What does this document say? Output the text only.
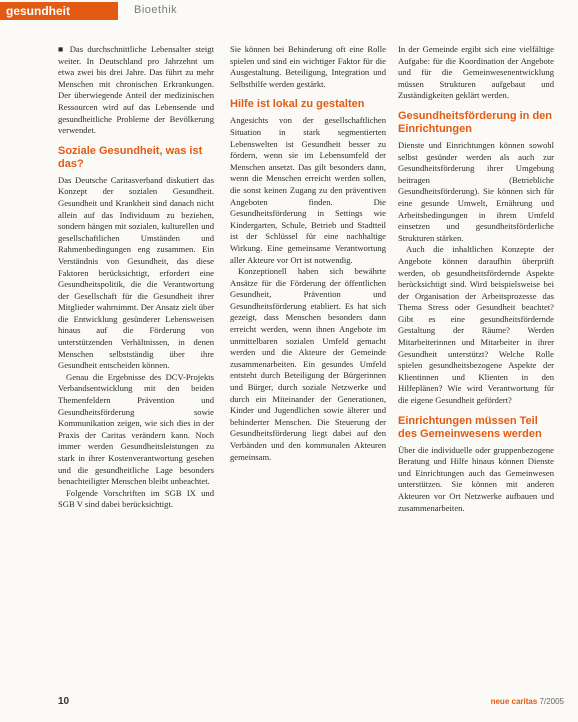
gesundheit	Bioethik

■ Das durchschnittliche Lebensalter steigt weiter. In Deutschland pro Jahrzehnt um etwa zwei bis drei Jahre. Das führt zu mehr Menschen mit chronischen Erkrankungen. Der überwiegende Anteil der medizinischen Ressourcen wird auf das Lebensende und gesundheitliche Probleme der Bevölkerung verwendet.

Soziale Gesundheit, was ist das?

Das Deutsche Caritasverband diskutiert das Konzept der sozialen Gesundheit. Gesundheit und Krankheit sind danach nicht allein auf das Individuum zu beziehen, sondern hängen mit sozialen, kulturellen und gesellschaftlichen Umständen und Rahmenbedingungen eng zusammen. Ein Verständnis von Gesundheit, das diese Faktoren berücksichtigt, erfordert eine Gesundheitspolitik, die die Verantwortung der Gesellschaft für die Gesundheit ihrer Mitglieder wahrnimmt. Der Ansatz zielt über die Entwicklung gesünderer Lebensweisen hinaus auf die Förderung von unterstützenden Verhältnissen, in denen Menschen selbstständig über ihre Gesundheit entscheiden können.

Genau die Ergebnisse des DCV-Projekts Verbandsentwicklung mit den beiden Themenfeldern Prävention und Gesundheitsförderung sowie Kommunikation zeigen, wie sich dies in der Praxis der Caritas verändern kann. Noch immer werden Gesundheitsleistungen zu stark in ihrer Kostenverantwortung gesehen und die gesundheitliche Lage besonders benachteiligter Menschen bleibt unbeachtet.

Folgende Vorschriften im SGB IX und SGB V sind dabei berücksichtigt.

Sie können bei Behinderung oft eine Rolle spielen und sind ein wichtiger Faktor für die Ausgestaltung. Beteiligung, Integration und Selbsthilfe werden gestärkt.

Hilfe ist lokal zu gestalten

Angesichts von der gesellschaftlichen Situation in stark segmentierten Lebenswelten ist Gesundheit besser zu fördern, wenn sie im Lebensumfeld der Menschen ansetzt. Das gilt besonders dann, wenn die Menschen erreicht werden sollen, die sonst keinen Zugang zu den präventiven Angeboten finden. Die Gesundheitsförderung in Settings wie Kindergarten, Schule, Betrieb und Stadtteil ist der Schlüssel für eine nachhaltige Wirkung. Eine gemeinsame Verantwortung aller Akteure vor Ort ist notwendig.

Konzeptionell haben sich bewährte Ansätze für die Förderung der öffentlichen Gesundheit, Prävention und Gesundheitsförderung etabliert. Es hat sich gezeigt, dass Menschen besonders dann erreicht werden, wenn ihnen Angebote im unmittelbaren sozialen Umfeld gemacht werden und die Akteure der Gemeinde zusammenarbeiten. Ein gesundes Umfeld entsteht durch Beteiligung der Bürgerinnen und Bürger, durch soziale Netzwerke und durch ein Miteinander der Generationen, Kinder und Jugendlichen sowie älterer und behinderter Menschen. Die Steuerung der Gesundheitsförderung liegt dabei auf den Verbänden und den kommunalen Akteuren gemeinsam.

In der Gemeinde ergibt sich eine vielfältige Aufgabe: für die Koordination der Angebote und für die Gemeinwesenentwicklung müssen Strukturen aufgebaut und Zuständigkeiten geklärt werden.

Gesundheitsförderung in den Einrichtungen

Dienste und Einrichtungen können sowohl selbst gesünder werden als auch zur Gesundheitsförderung ihrer Umgebung beitragen (Betriebliche Gesundheitsförderung). Sie können sich für eine gesunde Umwelt, Ernährung und Arbeitsbedingungen in ihrem Umfeld einsetzen und gesundheitsförderliche Strukturen stärken.

Auch die inhaltlichen Konzepte der Angebote können daraufhin überprüft werden, ob gesundheitsfördernde Aspekte berücksichtigt sind. Wird beispielsweise bei der Organisation der Arbeitsprozesse das Thema Stress oder Gesundheit beachtet? Gibt es eine gesundheitsfördernde Gestaltung der Räume? Werden Mitarbeiterinnen und Mitarbeiter in ihrer Gesundheit unterstützt? Welche Rolle spielen gesundheitsbezogene Aspekte der Klientinnen und Klienten in den Hilfeplänen? Wie wird Verantwortung für die eigene Gesundheit gefördert?

Einrichtungen müssen Teil des Gemeinwesens werden

Über die individuelle oder gruppenbezogene Beratung und Hilfe hinaus können Dienste und Einrichtungen auch das Gemeinwesen unterstützen. Sie können mit anderen Akteuren vor Ort Netzwerke aufbauen und zusammenarbeiten.

10	neue caritas 7/2005
